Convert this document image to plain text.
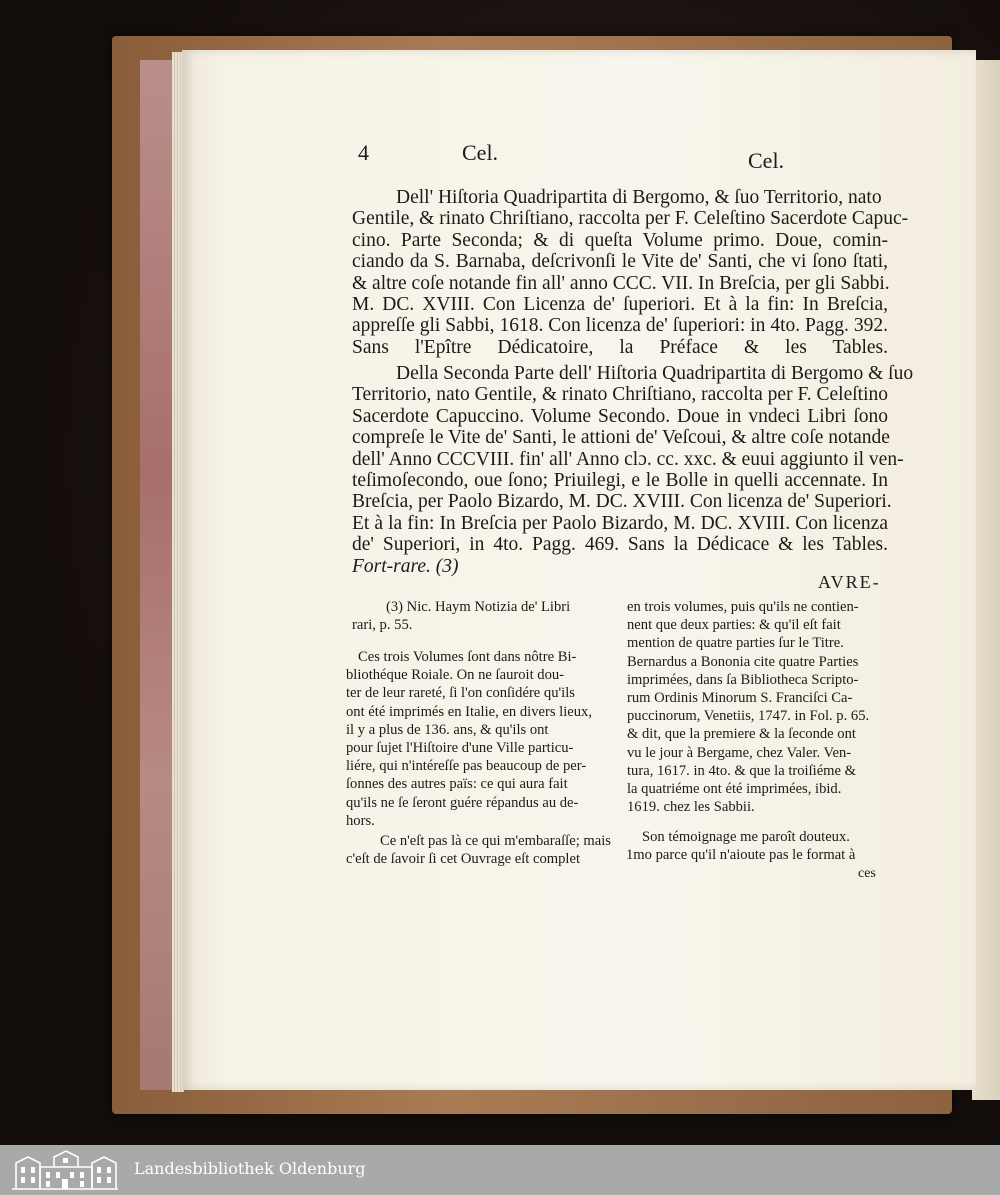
4	Cel.	Cel.
Dell' Hiſtoria Quadripartita di Bergomo, & ſuo Territorio, nato
Gentile, & rinato Chriſtiano, raccolta per F. Celeſtino Sacerdote Capuc-
cino. Parte Seconda; & di queſta Volume primo. Doue, comin-
ciando da S. Barnaba, deſcrivonſi le Vite de' Santi, che vi ſono ſtati,
& altre coſe notande fin all' anno CCC. VII. In Breſcia, per gli Sabbi.
M. DC. XVIII. Con Licenza de' ſuperiori. Et à la fin: In Breſcia,
appreſſe gli Sabbi, 1618. Con licenza de' ſuperiori: in 4to. Pagg. 392.
Sans l'Epître Dédicatoire, la Préface & les Tables.
Della Seconda Parte dell' Hiſtoria Quadripartita di Bergomo & ſuo
Territorio, nato Gentile, & rinato Chriſtiano, raccolta per F. Celeſtino
Sacerdote Capuccino. Volume Secondo. Doue in vndeci Libri ſono
compreſe le Vite de' Santi, le attioni de' Veſcoui, & altre coſe notande
dell' Anno CCCVIII. fin' all' Anno clɔ. cc. xxc. & euui aggiunto il ven-
teſimoſecondo, oue ſono; Priuilegi, e le Bolle in quelli accennate. In
Breſcia, per Paolo Bizardo, M. DC. XVIII. Con licenza de' Superiori.
Et à la fin: In Breſcia per Paolo Bizardo, M. DC. XVIII. Con licenza
de' Superiori, in 4to. Pagg. 469. Sans la Dédicace & les Tables.
Fort-rare. (3)
AVRE-
(3) Nic. Haym Notizia de' Libri
rari, p. 55.
Ces trois Volumes ſont dans nôtre Bi-
bliothéque Roiale. On ne ſauroit dou-
ter de leur rareté, ſi l'on conſidére qu'ils
ont été imprimés en Italie, en divers lieux,
il y a plus de 136. ans, & qu'ils ont
pour ſujet l'Hiſtoire d'une Ville particu-
liére, qui n'intéreſſe pas beaucoup de per-
ſonnes des autres païs: ce qui aura fait
qu'ils ne ſe ſeront guére répandus au de-
hors.
Ce n'eſt pas là ce qui m'embaraſſe; mais
c'eſt de ſavoir ſi cet Ouvrage eſt complet
en trois volumes, puis qu'ils ne contien-
nent que deux parties: & qu'il eſt fait
mention de quatre parties ſur le Titre.
Bernardus a Bononia cite quatre Parties
imprimées, dans ſa Bibliotheca Scripto-
rum Ordinis Minorum S. Franciſci Ca-
puccinorum, Venetiis, 1747. in Fol. p. 65.
& dit, que la premiere & la ſeconde ont
vu le jour à Bergame, chez Valer. Ven-
tura, 1617. in 4to. & que la troiſiéme &
la quatriéme ont été imprimées, ibid.
1619. chez les Sabbii.
Son témoignage me paroît douteux.
1mo parce qu'il n'aioute pas le format à
ces
Landesbibliothek Oldenburg
